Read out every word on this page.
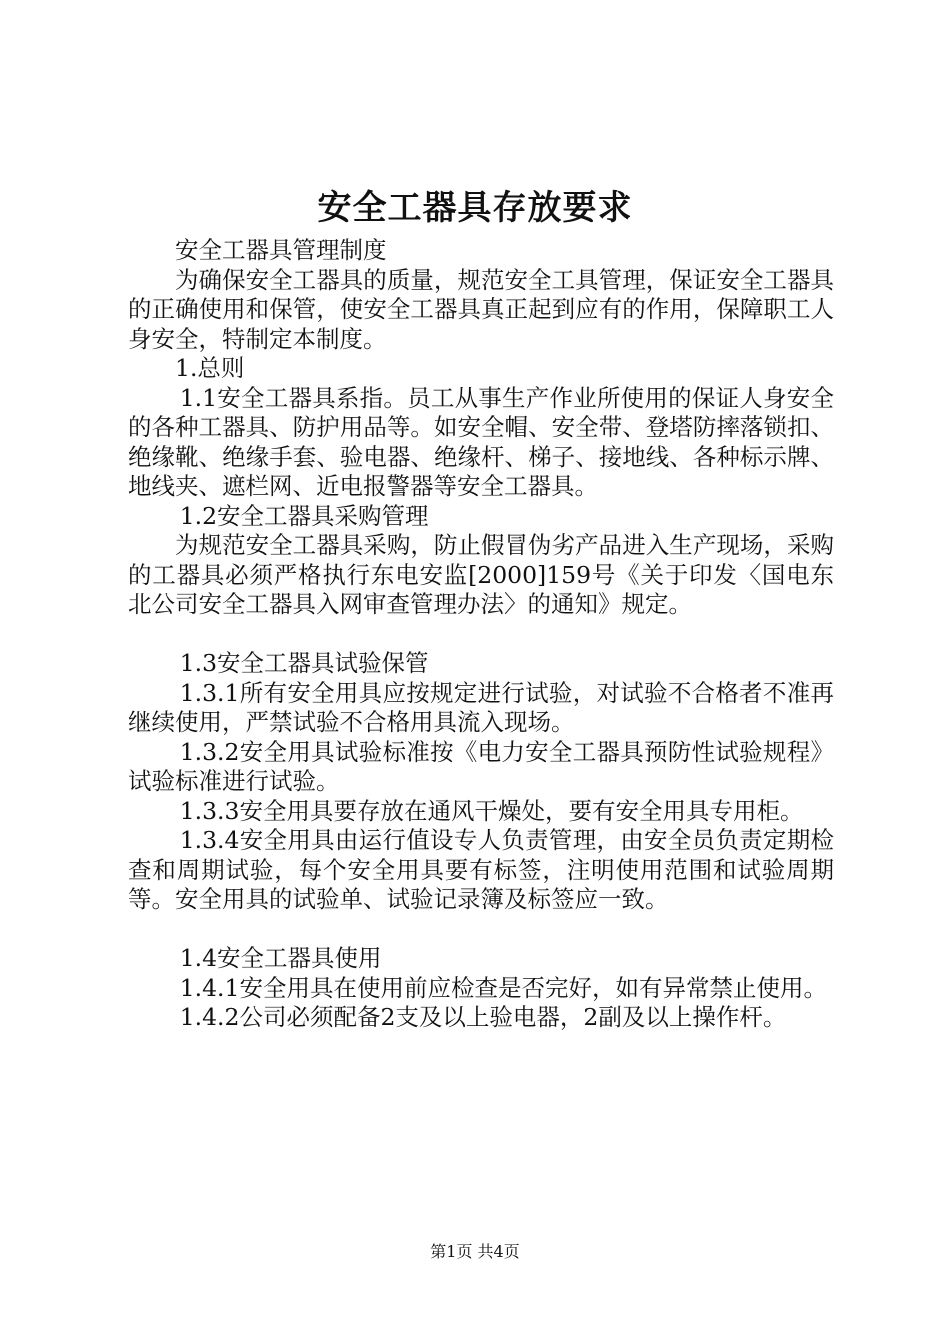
安全工器具存放要求

安全工器具管理制度

为确保安全工器具的质量，规范安全工具管理，保证安全工器具的正确使用和保管，使安全工器具真正起到应有的作用，保障职工人身安全，特制定本制度。

1.总则

1.1安全工器具系指。员工从事生产作业所使用的保证人身安全的各种工器具、防护用品等。如安全帽、安全带、登塔防摔落锁扣、绝缘靴、绝缘手套、验电器、绝缘杆、梯子、接地线、各种标示牌、地线夹、遮栏网、近电报警器等安全工器具。

1.2安全工器具采购管理

为规范安全工器具采购，防止假冒伪劣产品进入生产现场，采购的工器具必须严格执行东电安监[2000]159号《关于印发〈国电东北公司安全工器具入网审查管理办法〉的通知》规定。

1.3安全工器具试验保管

1.3.1所有安全用具应按规定进行试验，对试验不合格者不准再继续使用，严禁试验不合格用具流入现场。

1.3.2安全用具试验标准按《电力安全工器具预防性试验规程》试验标准进行试验。

1.3.3安全用具要存放在通风干燥处，要有安全用具专用柜。

1.3.4安全用具由运行值设专人负责管理，由安全员负责定期检查和周期试验，每个安全用具要有标签，注明使用范围和试验周期等。安全用具的试验单、试验记录簿及标签应一致。

1.4安全工器具使用

1.4.1安全用具在使用前应检查是否完好，如有异常禁止使用。

1.4.2公司必须配备2支及以上验电器，2副及以上操作杆。

第1页 共4页
